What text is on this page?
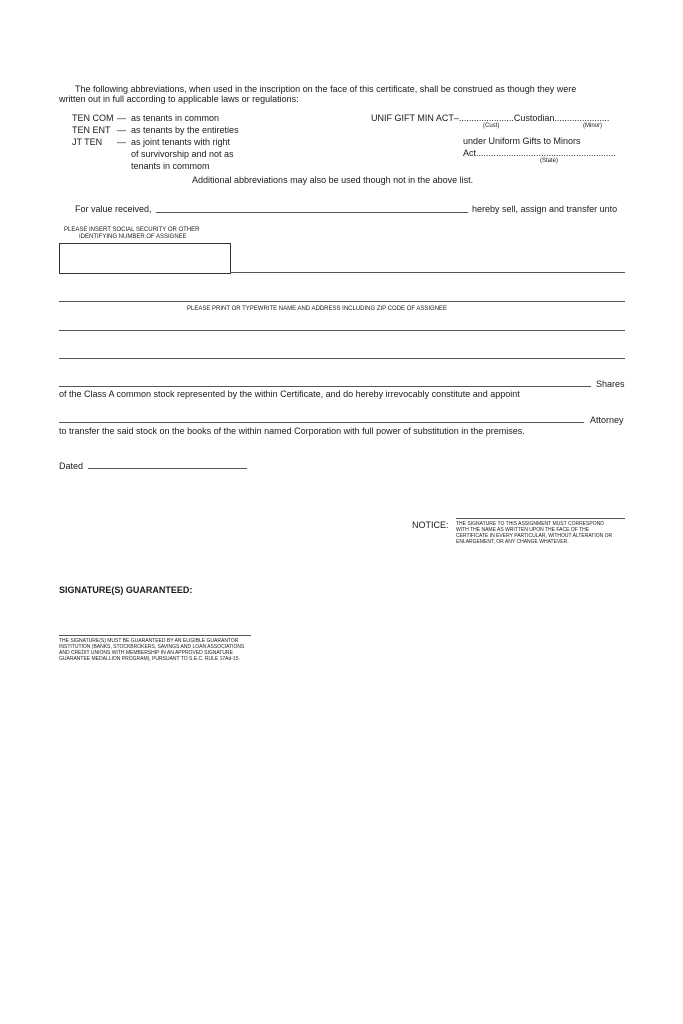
The following abbreviations, when used in the inscription on the face of this certificate, shall be construed as though they were
written out in full according to applicable laws or regulations:
TEN COM — as tenants in common
TEN ENT — as tenants by the entireties
JT TEN — as joint tenants with right
of survivorship and not as
tenants in commom
UNIF GIFT MIN ACT–......................Custodian......................
(Cust)	(Minor)
under Uniform Gifts to Minors
Act........................................................
(State)
Additional abbreviations may also be used though not in the above list.
For value received,	hereby sell, assign and transfer unto
PLEASE INSERT SOCIAL SECURITY OR OTHER
IDENTIFYING NUMBER OF ASSIGNEE
PLEASE PRINT OR TYPEWRITE NAME AND ADDRESS INCLUDING ZIP CODE OF ASSIGNEE
Shares
of the Class A common stock represented by the within Certificate, and do hereby irrevocably constitute and appoint
Attorney
to transfer the said stock on the books of the within named Corporation with full power of substitution in the premises.
Dated
NOTICE: THE SIGNATURE TO THIS ASSIGNMENT MUST CORRESPOND
WITH THE NAME AS WRITTEN UPON THE FACE OF THE
CERTIFICATE IN EVERY PARTICULAR, WITHOUT ALTERATION OR
ENLARGEMENT, OR ANY CHANGE WHATEVER.
SIGNATURE(S) GUARANTEED:
THE SIGNATURE(S) MUST BE GUARANTEED BY AN ELIGIBLE GUARANTOR
INSTITUTION (BANKS, STOCKBROKERS, SAVINGS AND LOAN ASSOCIATIONS
AND CREDIT UNIONS WITH MEMBERSHIP IN AN APPROVED SIGNATURE
GUARANTEE MEDALLION PROGRAM), PURSUANT TO S.E.C. RULE 17Ad-15.
